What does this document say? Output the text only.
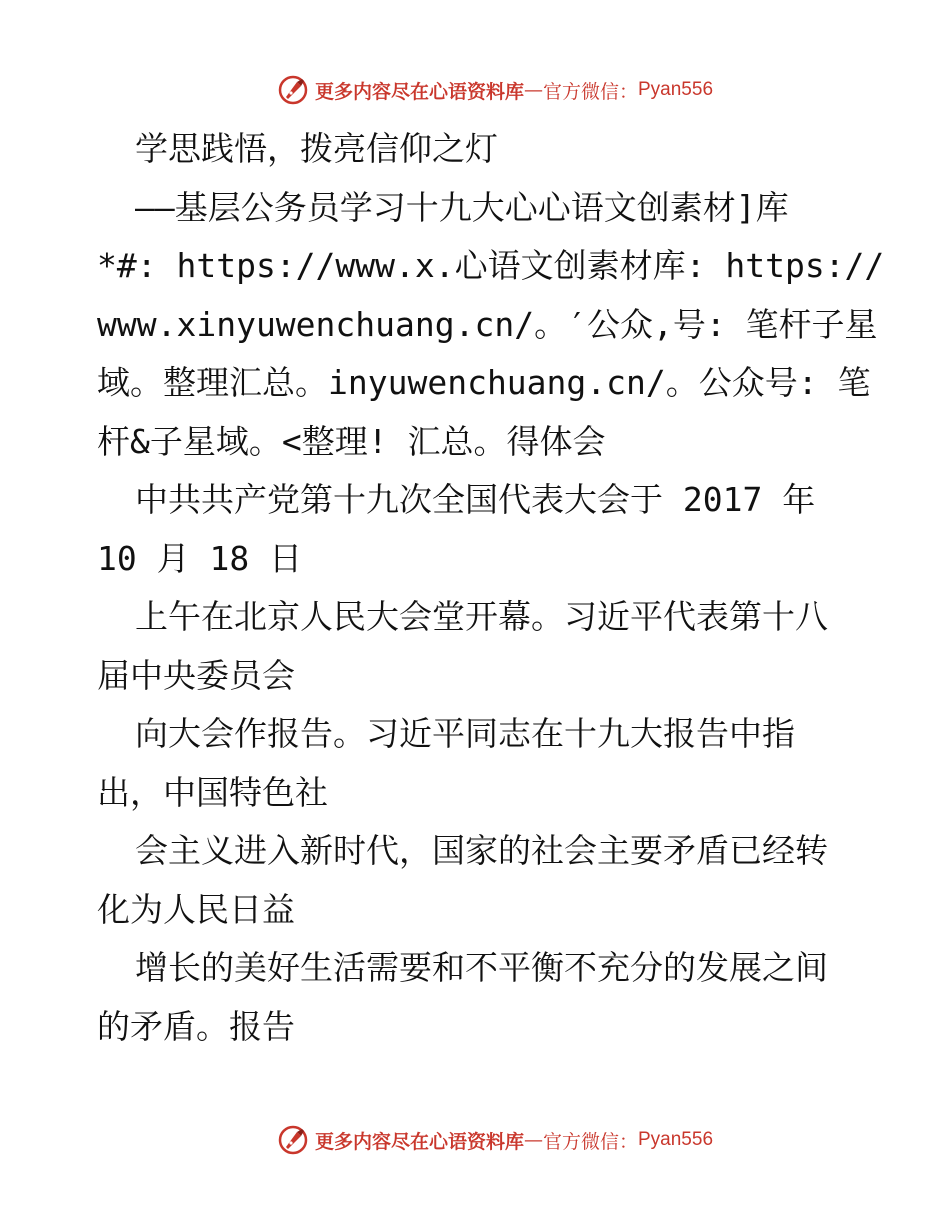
更多内容尽在心语资料库 — 官方微信： Pyan556
学思践悟，拨亮信仰之灯
——基层公务员学习十九大心心语文创素材]库
*#: https://www.x.心语文创素材库: https://
www.xinyuwenchuang.cn/。′公众,号: 笔杆子星
域。整理汇总。inyuwenchuang.cn/。公众号: 笔
杆&子星域。<整理! 汇总。得体会
中共共产党第十九次全国代表大会于 2017 年
10 月 18 日
上午在北京人民大会堂开幕。习近平代表第十八
届中央委员会
向大会作报告。习近平同志在十九大报告中指
出，中国特色社
会主义进入新时代，国家的社会主要矛盾已经转
化为人民日益
增长的美好生活需要和不平衡不充分的发展之间
的矛盾。报告
更多内容尽在心语资料库 — 官方微信： Pyan556
